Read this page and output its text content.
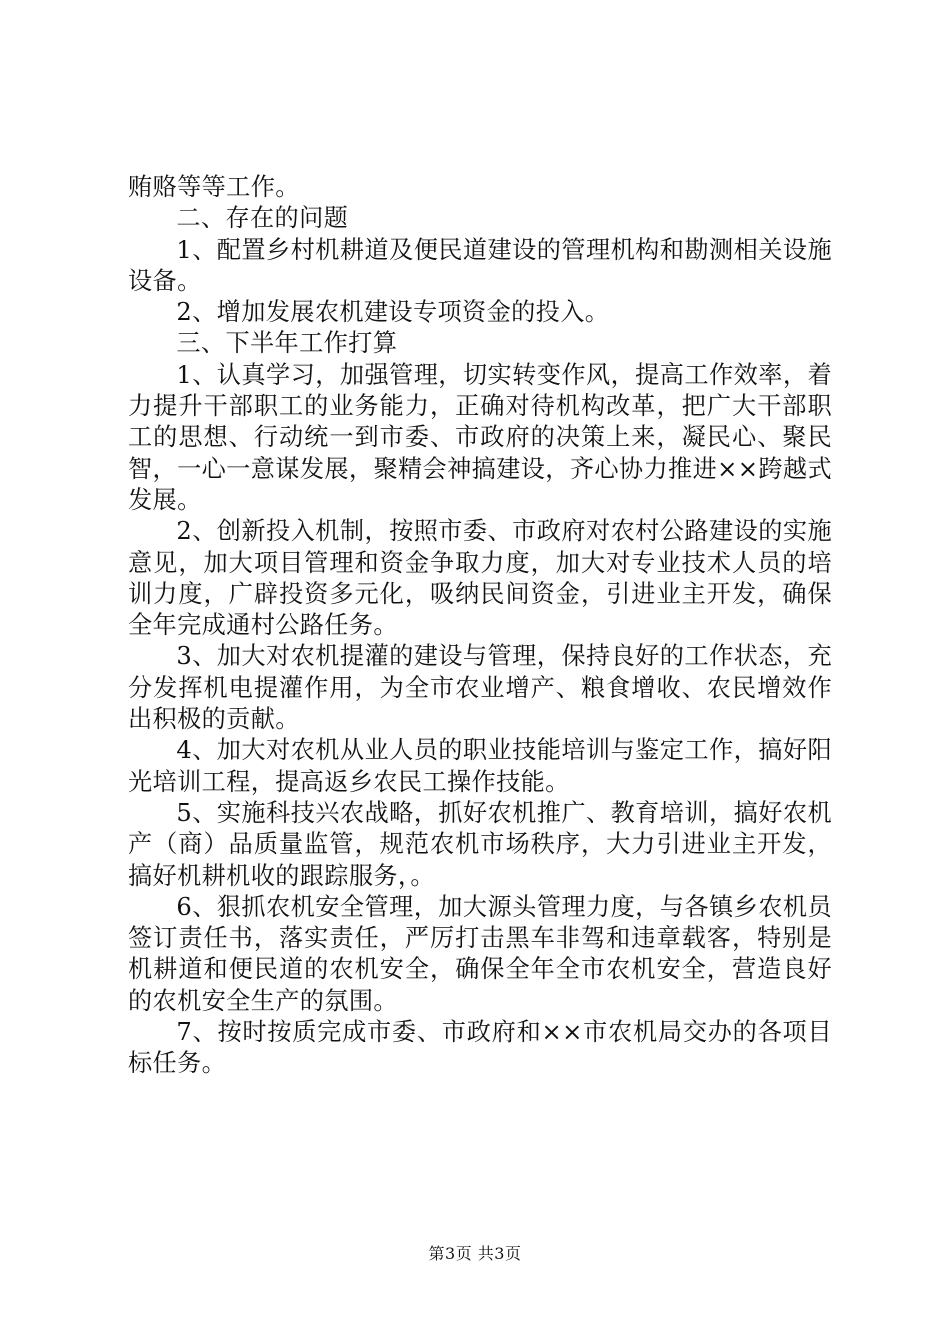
贿赂等等工作。

二、存在的问题

1、配置乡村机耕道及便民道建设的管理机构和勘测相关设施设备。

2、增加发展农机建设专项资金的投入。

三、下半年工作打算

1、认真学习，加强管理，切实转变作风，提高工作效率，着力提升干部职工的业务能力，正确对待机构改革，把广大干部职工的思想、行动统一到市委、市政府的决策上来，凝民心、聚民智，一心一意谋发展，聚精会神搞建设，齐心协力推进××跨越式发展。

2、创新投入机制，按照市委、市政府对农村公路建设的实施意见，加大项目管理和资金争取力度，加大对专业技术人员的培训力度，广辟投资多元化，吸纳民间资金，引进业主开发，确保全年完成通村公路任务。

3、加大对农机提灌的建设与管理，保持良好的工作状态，充分发挥机电提灌作用，为全市农业增产、粮食增收、农民增效作出积极的贡献。

4、加大对农机从业人员的职业技能培训与鉴定工作，搞好阳光培训工程，提高返乡农民工操作技能。

5、实施科技兴农战略，抓好农机推广、教育培训，搞好农机产（商）品质量监管，规范农机市场秩序，大力引进业主开发，搞好机耕机收的跟踪服务，。

6、狠抓农机安全管理，加大源头管理力度，与各镇乡农机员签订责任书，落实责任，严厉打击黑车非驾和违章载客，特别是机耕道和便民道的农机安全，确保全年全市农机安全，营造良好的农机安全生产的氛围。

7、按时按质完成市委、市政府和××市农机局交办的各项目标任务。

第3页 共3页
